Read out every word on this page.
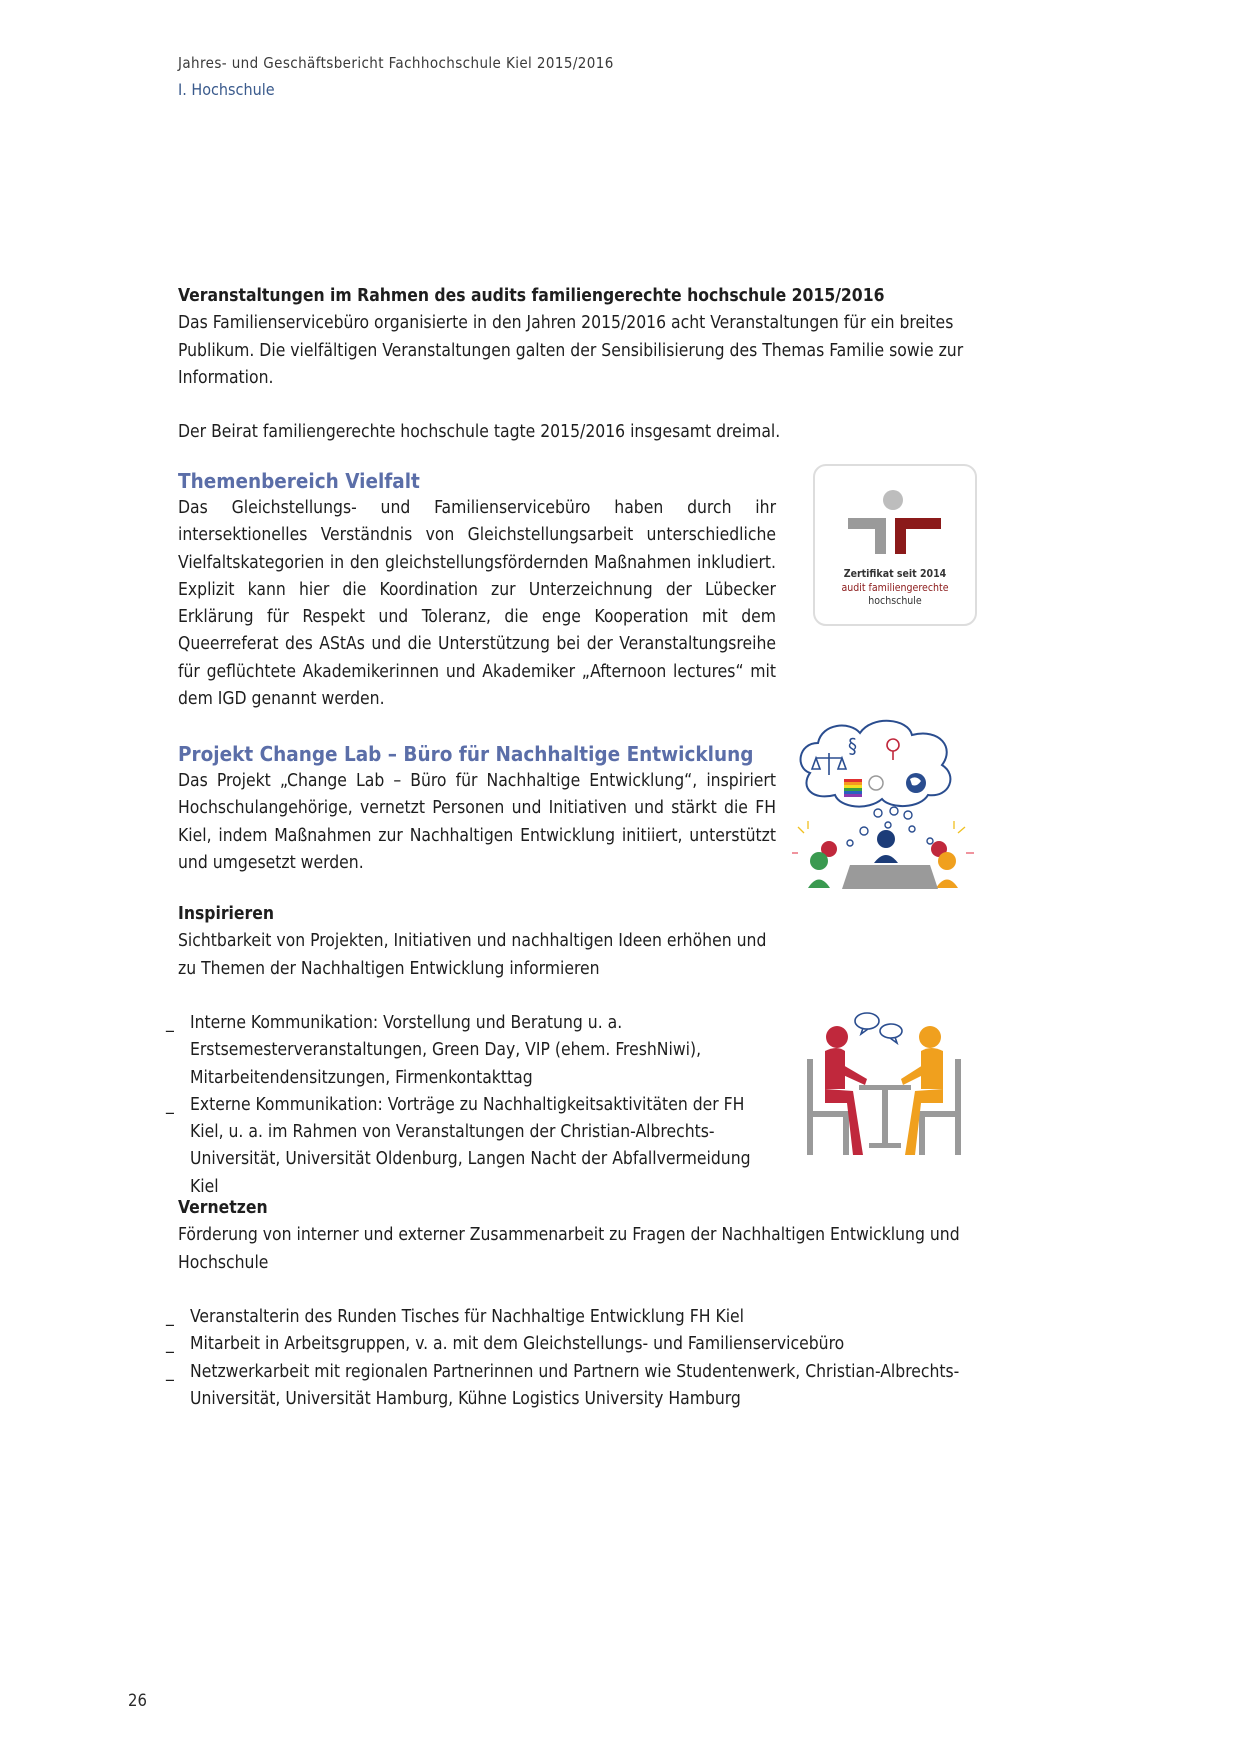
Jahres- und Geschäftsbericht Fachhochschule Kiel 2015/2016
I. Hochschule

Veranstaltungen im Rahmen des audits familiengerechte hochschule 2015/2016

Das Familienservicebüro organisierte in den Jahren 2015/2016 acht Veranstaltungen für ein breites Publikum. Die vielfältigen Veranstaltungen galten der Sensibilisierung des Themas Familie sowie zur Information.

Der Beirat familiengerechte hochschule tagte 2015/2016 insgesamt dreimal.

Themenbereich Vielfalt

Das Gleichstellungs- und Familienservicebüro haben durch ihr intersektionelles Verständnis von Gleichstellungsarbeit unterschiedliche Vielfaltskategorien in den gleichstellungsfördernden Maßnahmen inkludiert. Explizit kann hier die Koordination zur Unterzeichnung der Lübecker Erklärung für Respekt und Toleranz, die enge Kooperation mit dem Queerreferat des AStAs und die Unterstützung bei der Veranstaltungsreihe für geflüchtete Akademikerinnen und Akademiker „Afternoon lectures“ mit dem IGD genannt werden.

Zertifikat seit 2014
audit familiengerechte
hochschule

Projekt Change Lab – Büro für Nachhaltige Entwicklung

Das Projekt „Change Lab – Büro für Nachhaltige Entwicklung“, inspiriert Hochschulangehörige, vernetzt Personen und Initiativen und stärkt die FH Kiel, indem Maßnahmen zur Nachhaltigen Entwicklung initiiert, unterstützt und umgesetzt werden.

§

Inspirieren

Sichtbarkeit von Projekten, Initiativen und nachhaltigen Ideen erhöhen und zu Themen der Nachhaltigen Entwicklung informieren

_ Interne Kommunikation: Vorstellung und Beratung u. a. Erstsemesterveranstaltungen, Green Day, VIP (ehem. FreshNiwi), Mitarbeitendensitzungen, Firmenkontakttag
_ Externe Kommunikation: Vorträge zu Nachhaltigkeitsaktivitäten der FH Kiel, u. a. im Rahmen von Veranstaltungen der Christian-Albrechts-Universität, Universität Oldenburg, Langen Nacht der Abfallvermeidung Kiel

Vernetzen

Förderung von interner und externer Zusammenarbeit zu Fragen der Nachhaltigen Entwicklung und Hochschule

_ Veranstalterin des Runden Tisches für Nachhaltige Entwicklung FH Kiel
_ Mitarbeit in Arbeitsgruppen, v. a. mit dem Gleichstellungs- und Familienservicebüro
_ Netzwerkarbeit mit regionalen Partnerinnen und Partnern wie Studentenwerk, Christian-Albrechts-Universität, Universität Hamburg, Kühne Logistics University Hamburg
26
